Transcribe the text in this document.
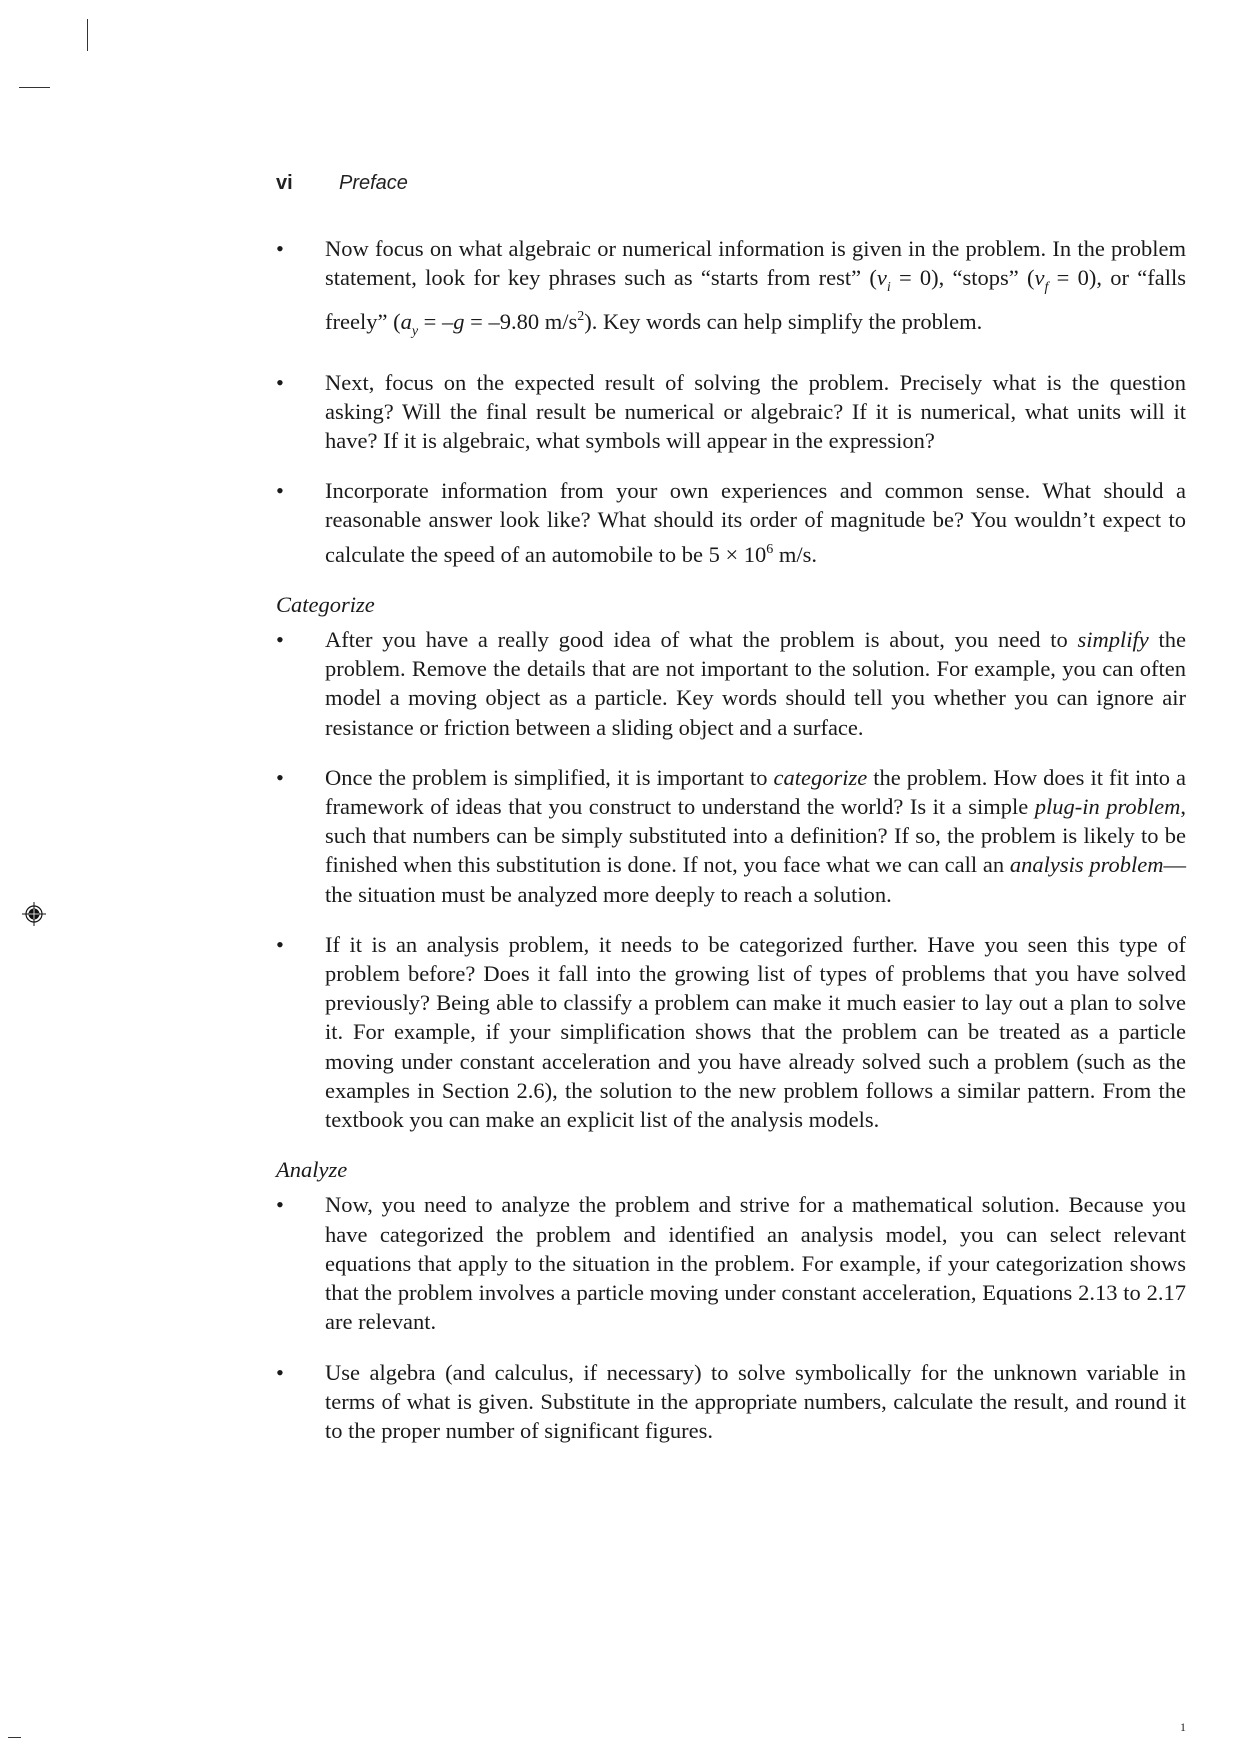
vi Preface
• Now focus on what algebraic or numerical information is given in the problem. In the problem statement, look for key phrases such as “starts from rest” $(v_i = 0)$, “stops” $(v_f = 0)$, or “falls freely” ($a_y = -g = -9.80$ $m/s^2$). Key words can help simplify the problem.
• Next, focus on the expected result of solving the problem. Precisely what is the question asking? Will the final result be numerical or algebraic? If it is numerical, what units will it have? If it is algebraic, what symbols will appear in the expression?
• Incorporate information from your own experiences and common sense. What should a reasonable answer look like? What should its order of magnitude be? You wouldn’t expect to calculate the speed of an automobile to be $5 \times 10^6$ m/s.
Categorize
• After you have a really good idea of what the problem is about, you need to simplify the problem. Remove the details that are not important to the solution. For example, you can often model a moving object as a particle. Key words should tell you whether you can ignore air resistance or friction between a sliding object and a surface.
• Once the problem is simplified, it is important to categorize the problem. How does it fit into a framework of ideas that you construct to understand the world? Is it a simple plug-in problem, such that numbers can be simply substituted into a definition? If so, the problem is likely to be finished when this substitution is done. If not, you face what we can call an analysis problem—the situation must be analyzed more deeply to reach a solution.
• If it is an analysis problem, it needs to be categorized further. Have you seen this type of problem before? Does it fall into the growing list of types of problems that you have solved previously? Being able to classify a problem can make it much easier to lay out a plan to solve it. For example, if your simplification shows that the problem can be treated as a particle moving under constant acceleration and you have already solved such a problem (such as the examples in Section 2.6), the solution to the new problem follows a similar pattern. From the textbook you can make an explicit list of the analysis models.
Analyze
• Now, you need to analyze the problem and strive for a mathematical solution. Because you have categorized the problem and identified an analysis model, you can select relevant equations that apply to the situation in the problem. For example, if your categorization shows that the problem involves a particle moving under constant acceleration, Equations 2.13 to 2.17 are relevant.
• Use algebra (and calculus, if necessary) to solve symbolically for the unknown variable in terms of what is given. Substitute in the appropriate numbers, calculate the result, and round it to the proper number of significant figures.
1
